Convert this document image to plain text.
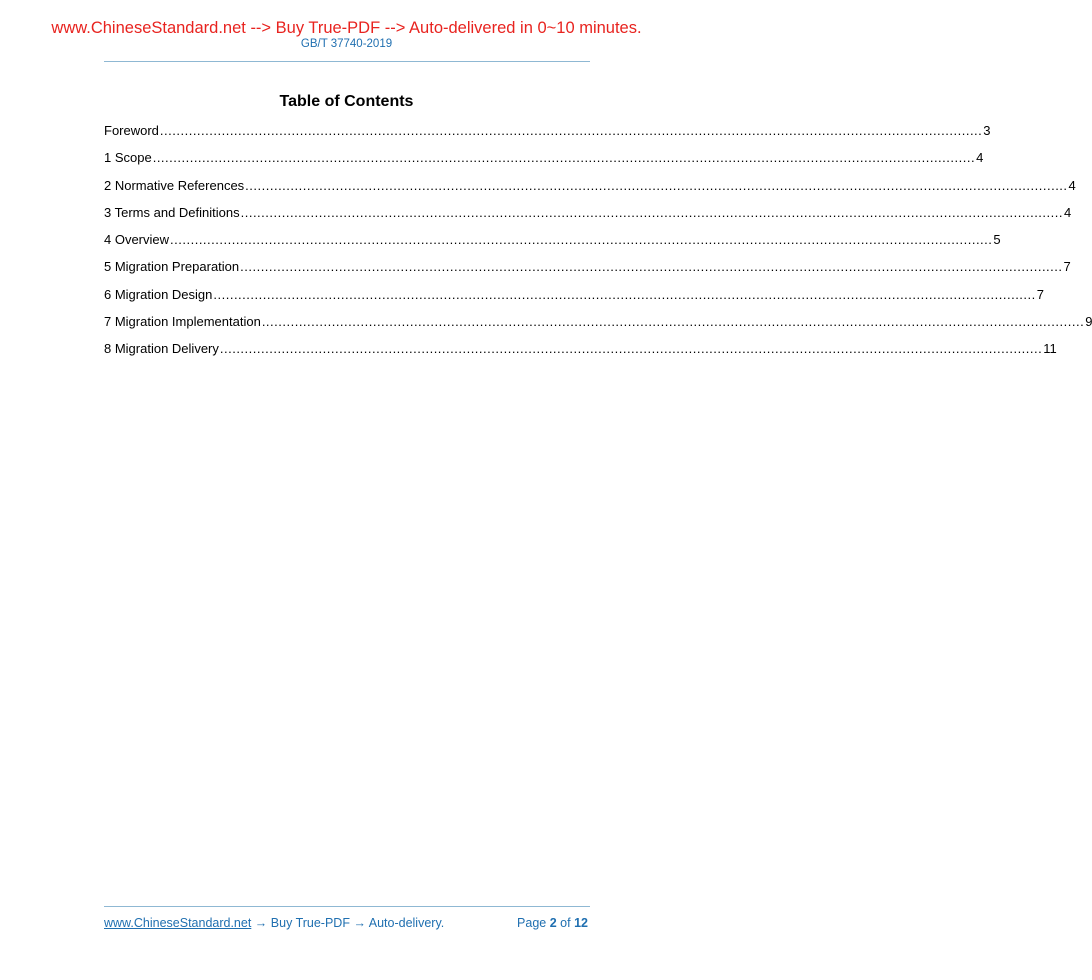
www.ChineseStandard.net --> Buy True-PDF --> Auto-delivered in 0~10 minutes.
GB/T 37740-2019
Table of Contents
Foreword ........................................................................................................................................................................................................ 3
1 Scope ........................................................................................................................................................................................................ 4
2 Normative References ........................................................................................................................................................................................................ 4
3 Terms and Definitions ........................................................................................................................................................................................................ 4
4 Overview ........................................................................................................................................................................................................ 5
5 Migration Preparation ........................................................................................................................................................................................................ 7
6 Migration Design ........................................................................................................................................................................................................ 7
7 Migration Implementation ........................................................................................................................................................................................................ 9
8 Migration Delivery ........................................................................................................................................................................................................ 11
www.ChineseStandard.net → Buy True-PDF → Auto-delivery.	Page 2 of 12
